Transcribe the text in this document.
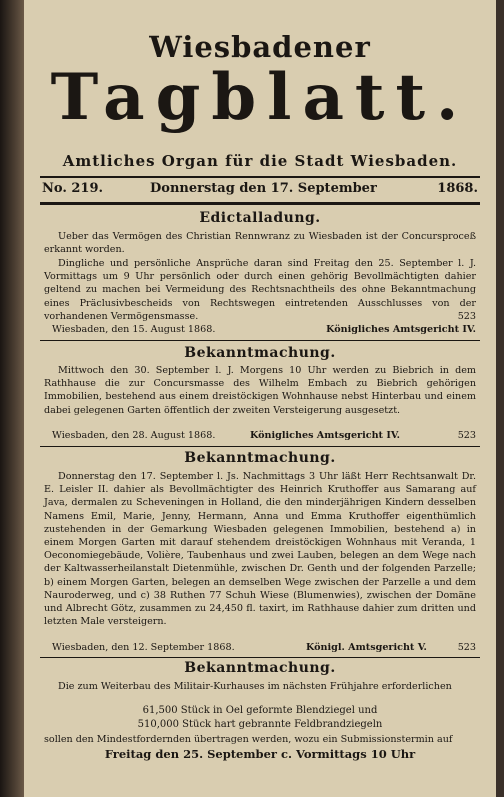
Wiesbadener
Tagblatt.
Amtliches Organ für die Stadt Wiesbaden.
No. 219.	Donnerstag den 17. September	1868.
Edictalladung.

Ueber das Vermögen des Christian Rennwranz zu Wiesbaden ist der Concursproceß erkannt worden.

Dingliche und persönliche Ansprüche daran sind Freitag den 25. September l. J. Vormittags um 9 Uhr persönlich oder durch einen gehörig Bevollmächtigten dahier geltend zu machen bei Vermeidung des Rechtsnachtheils des ohne Bekanntmachung eines Präclusivbescheids von Rechtswegen eintretenden Ausschlusses von der vorhandenen Vermögensmasse.	523
Wiesbaden, den 15. August 1868.	Königliches Amtsgericht IV.
Bekanntmachung.

Mittwoch den 30. September l. J. Morgens 10 Uhr werden zu Biebrich in dem Rathhause die zur Concursmasse des Wilhelm Embach zu Biebrich gehörigen Immobilien, bestehend aus einem dreistöckigen Wohnhause nebst Hinterbau und einem dabei gelegenen Garten öffentlich der zweiten Versteigerung ausgesetzt.

Wiesbaden, den 28. August 1868.	Königliches Amtsgericht IV.	523
Bekanntmachung.

Donnerstag den 17. September l. Js. Nachmittags 3 Uhr läßt Herr Rechtsanwalt Dr. E. Leisler II. dahier als Bevollmächtigter des Heinrich Kruthoffer aus Samarang auf Java, dermalen zu Scheveningen in Holland, die den minderjährigen Kindern desselben Namens Emil, Marie, Jenny, Hermann, Anna und Emma Kruthoffer eigenthümlich zustehenden in der Gemarkung Wiesbaden gelegenen Immobilien, bestehend a) in einem Morgen Garten mit darauf stehendem dreistöckigen Wohnhaus mit Veranda, 1 Oeconomiegebäude, Volière, Taubenhaus und zwei Lauben, belegen an dem Wege nach der Kaltwasserheilanstalt Dietenmühle, zwischen Dr. Genth und der folgenden Parzelle; b) einem Morgen Garten, belegen an demselben Wege zwischen der Parzelle a und dem Nauroderweg, und c) 38 Ruthen 77 Schuh Wiese (Blumenwies), zwischen der Domäne und Albrecht Götz, zusammen zu 24,450 fl. taxirt, im Rathhause dahier zum dritten und letzten Male versteigern.

Wiesbaden, den 12. September 1868.	Königl. Amtsgericht V.	523
Bekanntmachung.

Die zum Weiterbau des Militair-Kurhauses im nächsten Frühjahre erforderlichen

61,500 Stück in Oel geformte Blendziegel und
510,000 Stück hart gebrannte Feldbrandziegeln

sollen den Mindestfordernden übertragen werden, wozu ein Submissionstermin auf

Freitag den 25. September c. Vormittags 10 Uhr
